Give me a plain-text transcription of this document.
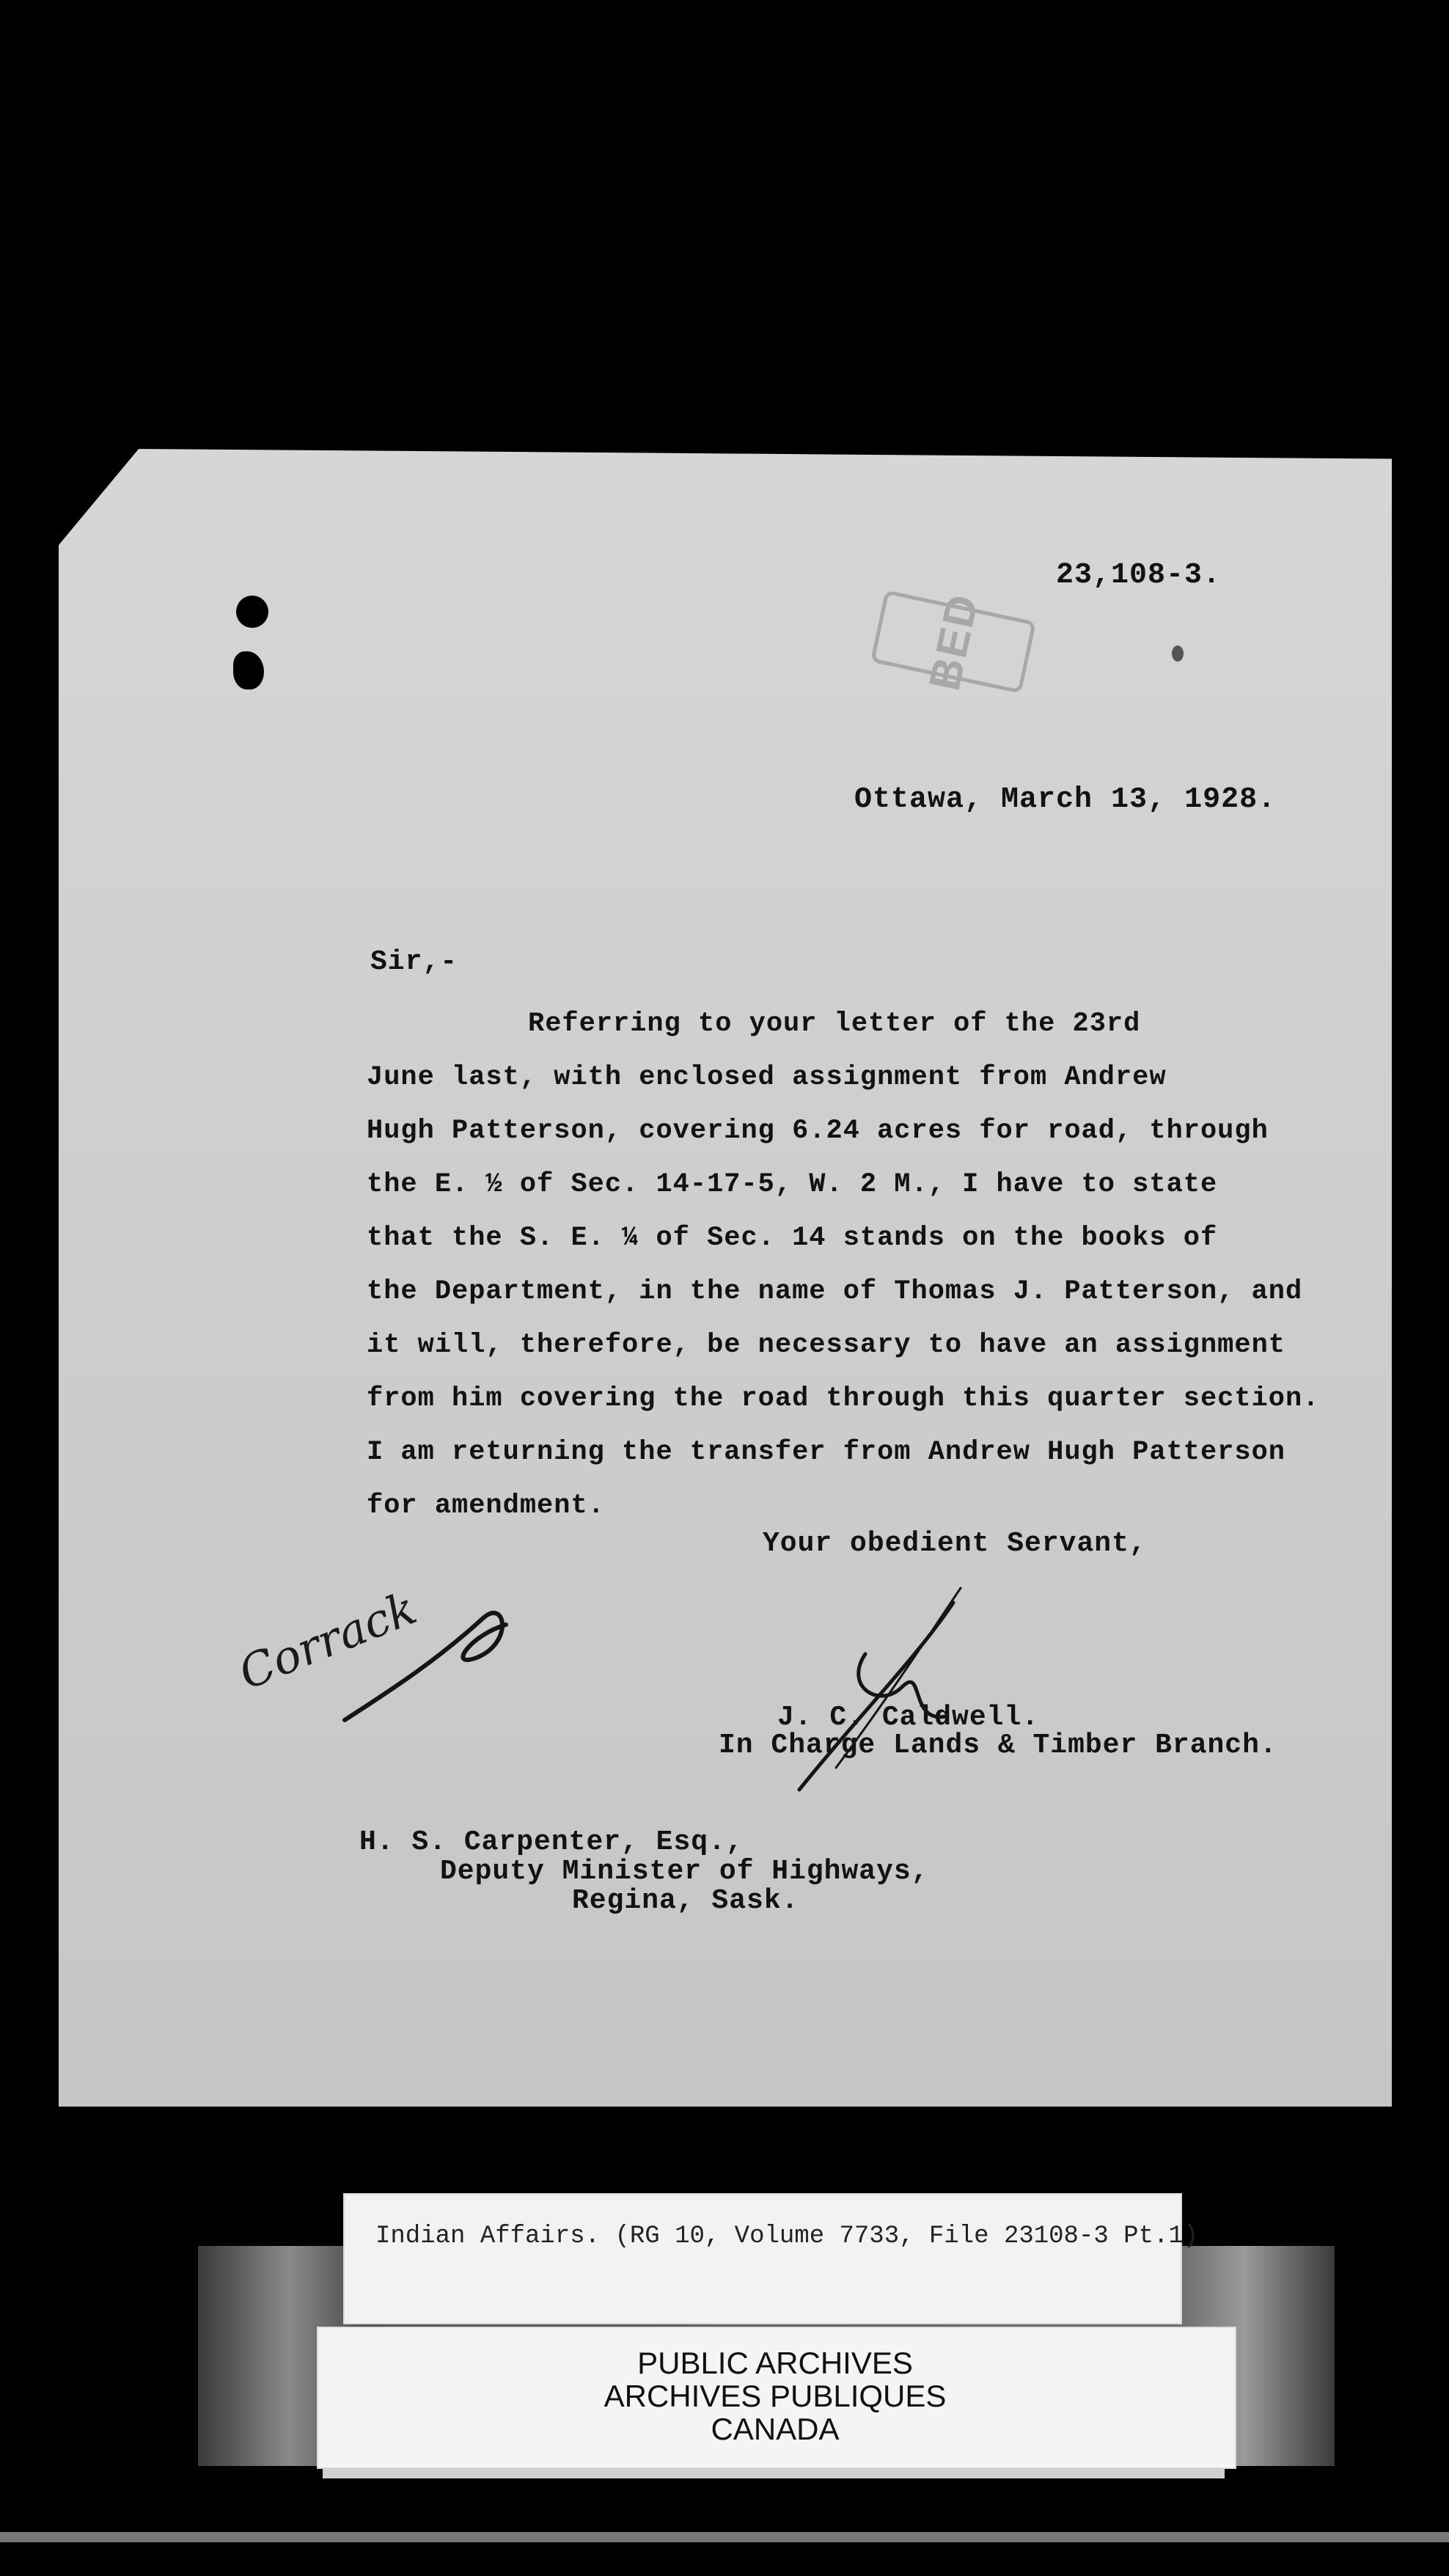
BED
23,108-3.
Ottawa, March 13, 1928.
Sir,-
Referring to your letter of the 23rd
June last, with enclosed assignment from Andrew
Hugh Patterson, covering 6.24 acres for road, through
the E. ½ of Sec. 14-17-5, W. 2 M., I have to state
that the S. E. ¼ of Sec. 14 stands on the books of
the Department, in the name of Thomas J. Patterson, and
it will, therefore, be necessary to have an assignment
from him covering the road through this quarter section.
I am returning the transfer from Andrew Hugh Patterson
for amendment.
Your obedient Servant,
J. C. Caldwell.
In Charge Lands & Timber Branch.
H. S. Carpenter, Esq.,
Deputy Minister of Highways,
Regina, Sask.
Corrack
Indian Affairs. (RG 10, Volume 7733, File 23108-3 Pt.1)
PUBLIC ARCHIVES
ARCHIVES PUBLIQUES
CANADA
